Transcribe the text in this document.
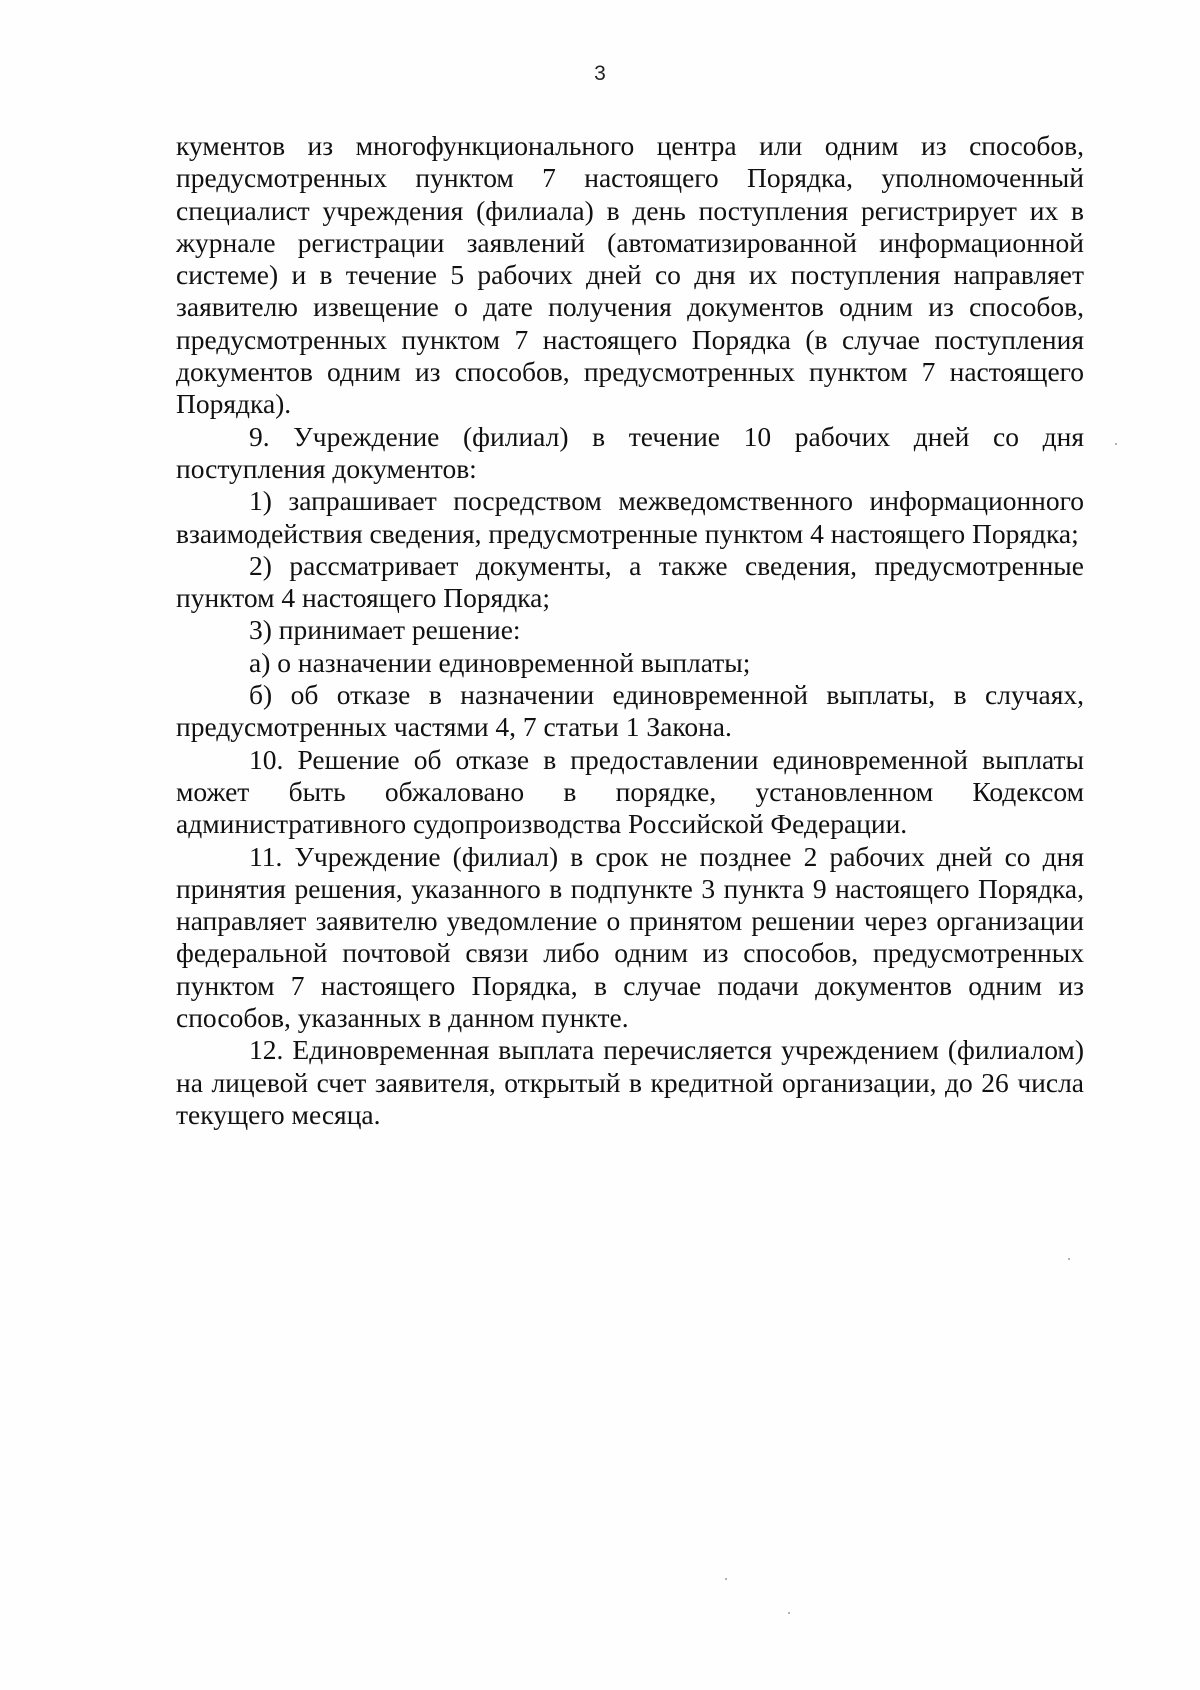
3

кументов из многофункционального центра или одним из способов, предусмотренных пунктом 7 настоящего Порядка, уполномоченный специалист учреждения (филиала) в день поступления регистрирует их в журнале регистрации заявлений (автоматизированной информационной системе) и в течение 5 рабочих дней со дня их поступления направляет заявителю извещение о дате получения документов одним из способов, предусмотренных пунктом 7 настоящего Порядка (в случае поступления документов одним из способов, предусмотренных пунктом 7 настоящего Порядка).

9. Учреждение (филиал) в течение 10 рабочих дней со дня поступления документов:

1) запрашивает посредством межведомственного информационного взаимодействия сведения, предусмотренные пунктом 4 настоящего Порядка;

2) рассматривает документы, а также сведения, предусмотренные пунктом 4 настоящего Порядка;

3) принимает решение:

а) о назначении единовременной выплаты;

б) об отказе в назначении единовременной выплаты, в случаях, предусмотренных частями 4, 7 статьи 1 Закона.

10. Решение об отказе в предоставлении единовременной выплаты может быть обжаловано в порядке, установленном Кодексом административного судопроизводства Российской Федерации.

11. Учреждение (филиал) в срок не позднее 2 рабочих дней со дня принятия решения, указанного в подпункте 3 пункта 9 настоящего Порядка, направляет заявителю уведомление о принятом решении через организации федеральной почтовой связи либо одним из способов, предусмотренных пунктом 7 настоящего Порядка, в случае подачи документов одним из способов, указанных в данном пункте.

12. Единовременная выплата перечисляется учреждением (филиалом) на лицевой счет заявителя, открытый в кредитной организации, до 26 числа текущего месяца.
